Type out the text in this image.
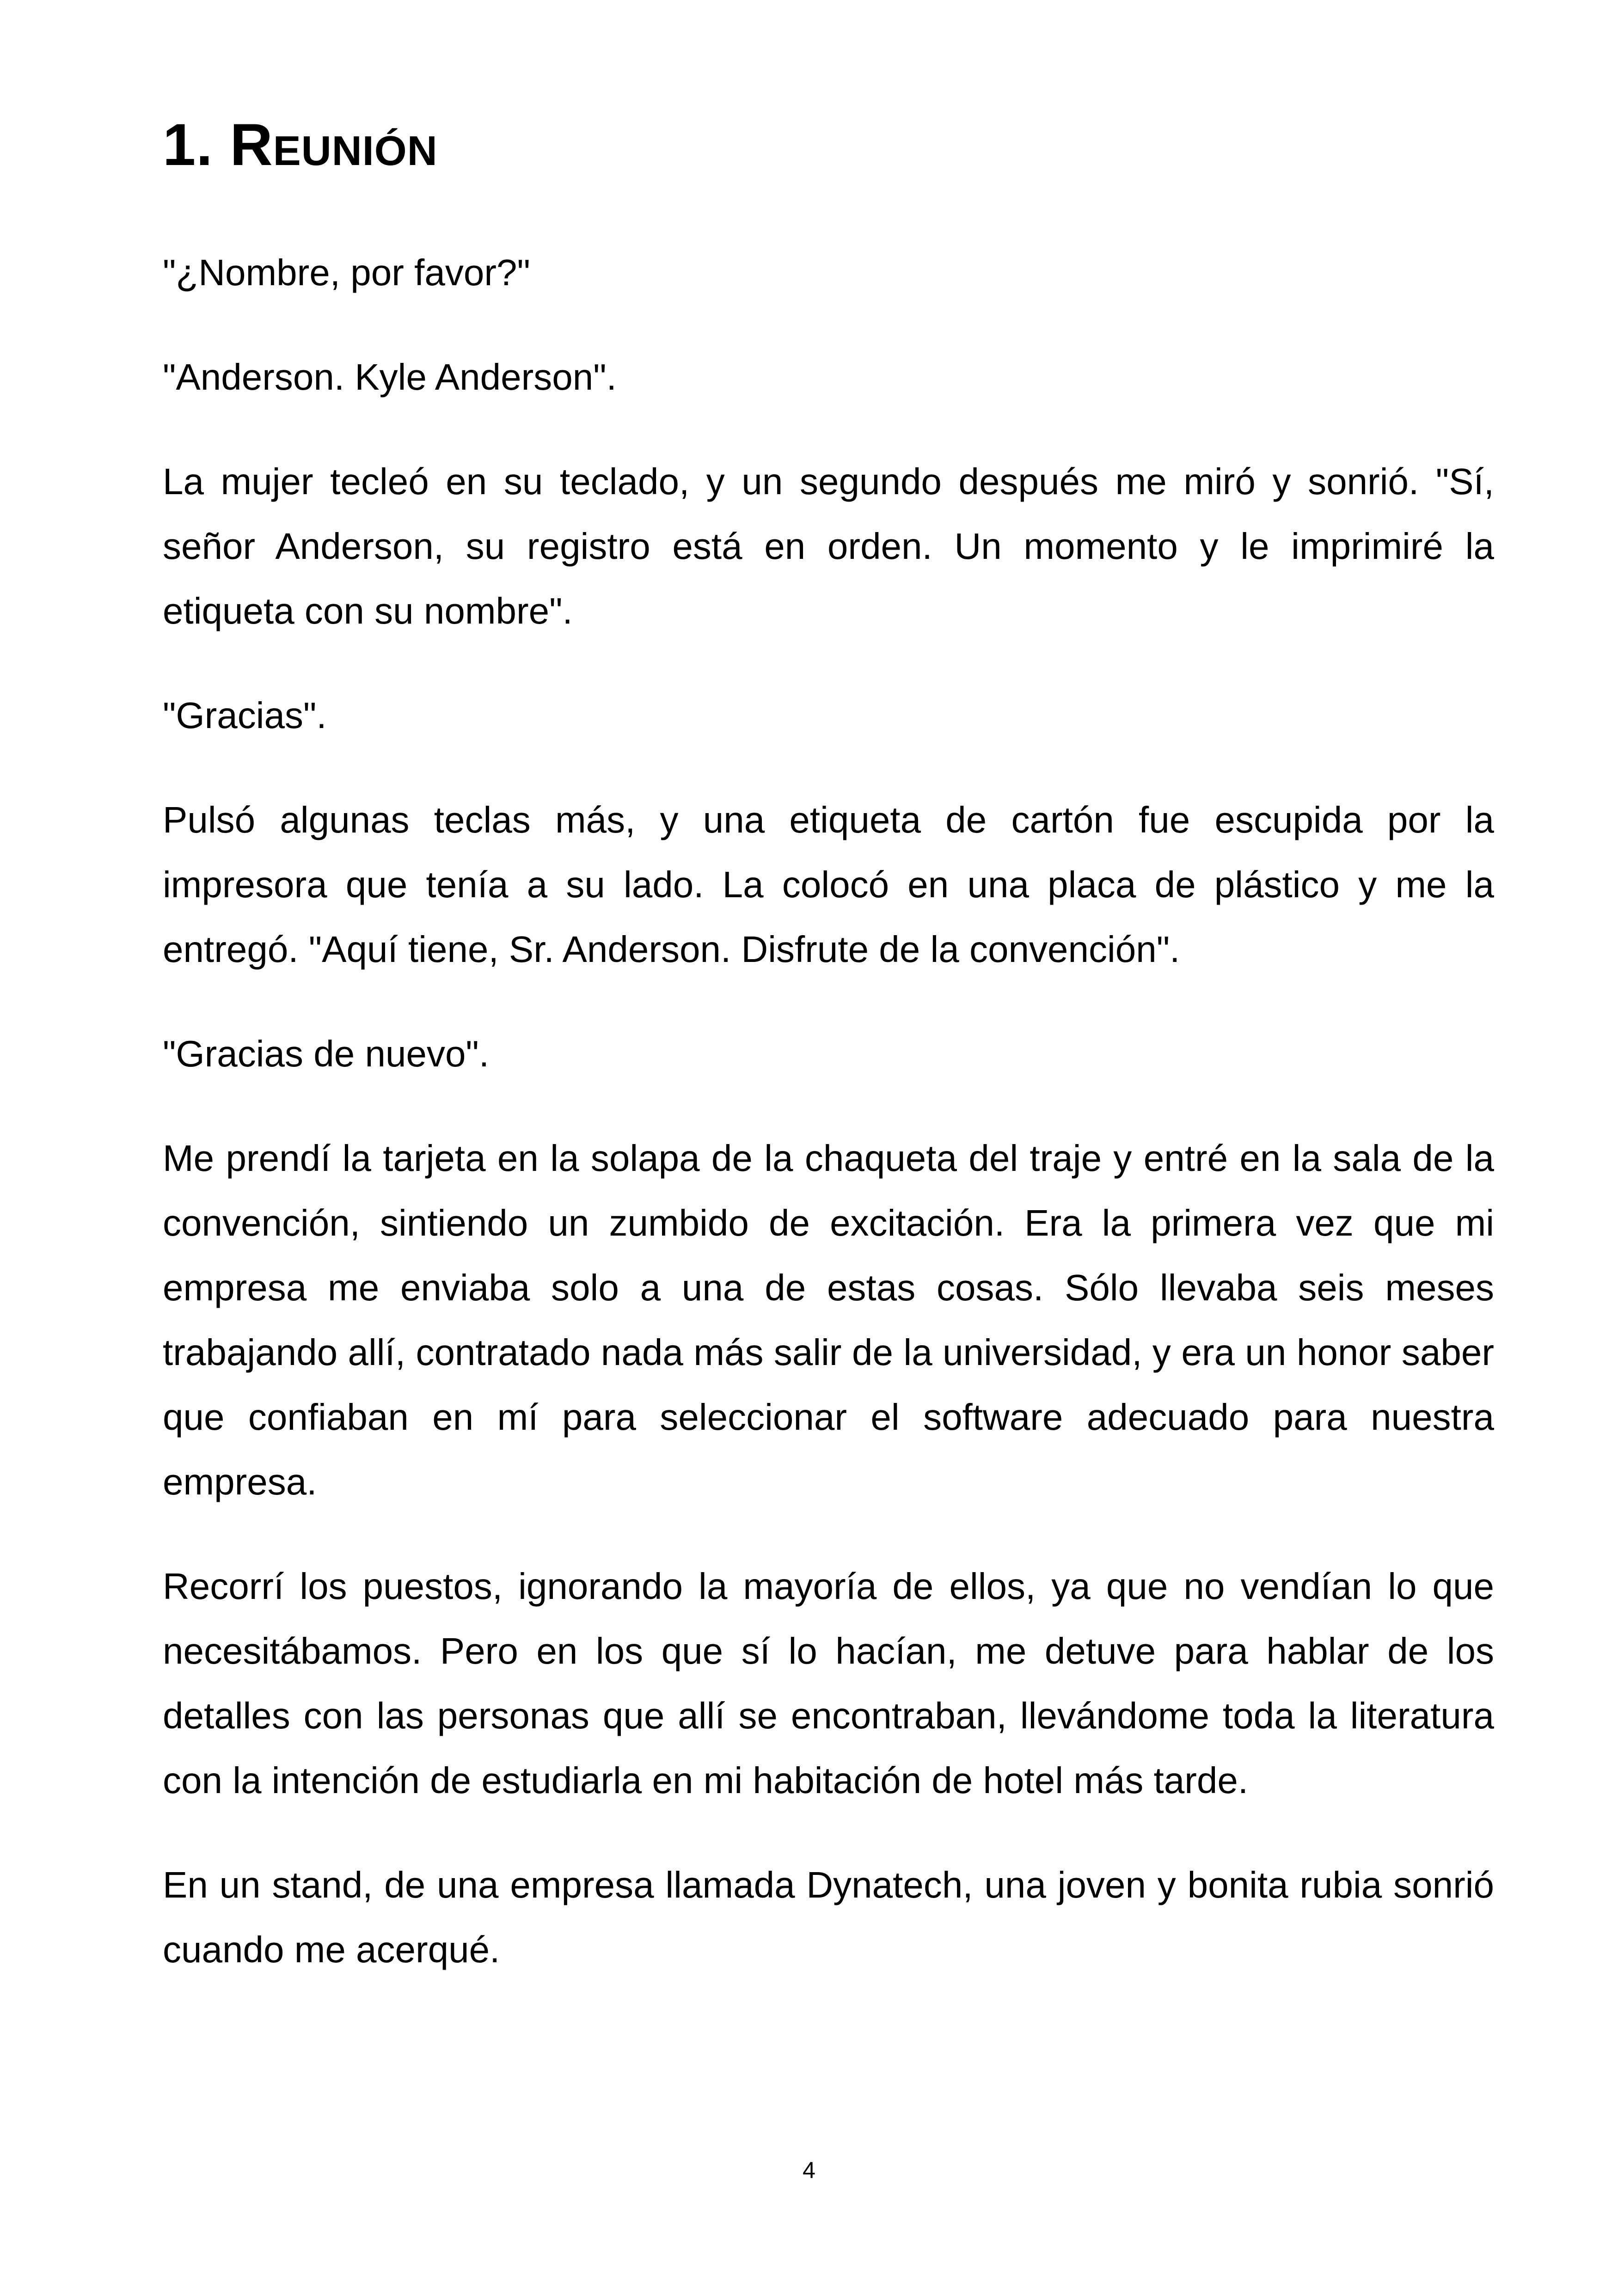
1. Reunión

"¿Nombre, por favor?"

"Anderson. Kyle Anderson".

La mujer tecleó en su teclado, y un segundo después me miró y sonrió. "Sí, señor Anderson, su registro está en orden. Un momento y le imprimiré la etiqueta con su nombre".

"Gracias".

Pulsó algunas teclas más, y una etiqueta de cartón fue escupida por la impresora que tenía a su lado. La colocó en una placa de plástico y me la entregó. "Aquí tiene, Sr. Anderson. Disfrute de la convención".

"Gracias de nuevo".

Me prendí la tarjeta en la solapa de la chaqueta del traje y entré en la sala de la convención, sintiendo un zumbido de excitación. Era la primera vez que mi empresa me enviaba solo a una de estas cosas. Sólo llevaba seis meses trabajando allí, contratado nada más salir de la universidad, y era un honor saber que confiaban en mí para seleccionar el software adecuado para nuestra empresa.

Recorrí los puestos, ignorando la mayoría de ellos, ya que no vendían lo que necesitábamos. Pero en los que sí lo hacían, me detuve para hablar de los detalles con las personas que allí se encontraban, llevándome toda la literatura con la intención de estudiarla en mi habitación de hotel más tarde.

En un stand, de una empresa llamada Dynatech, una joven y bonita rubia sonrió cuando me acerqué.

4
